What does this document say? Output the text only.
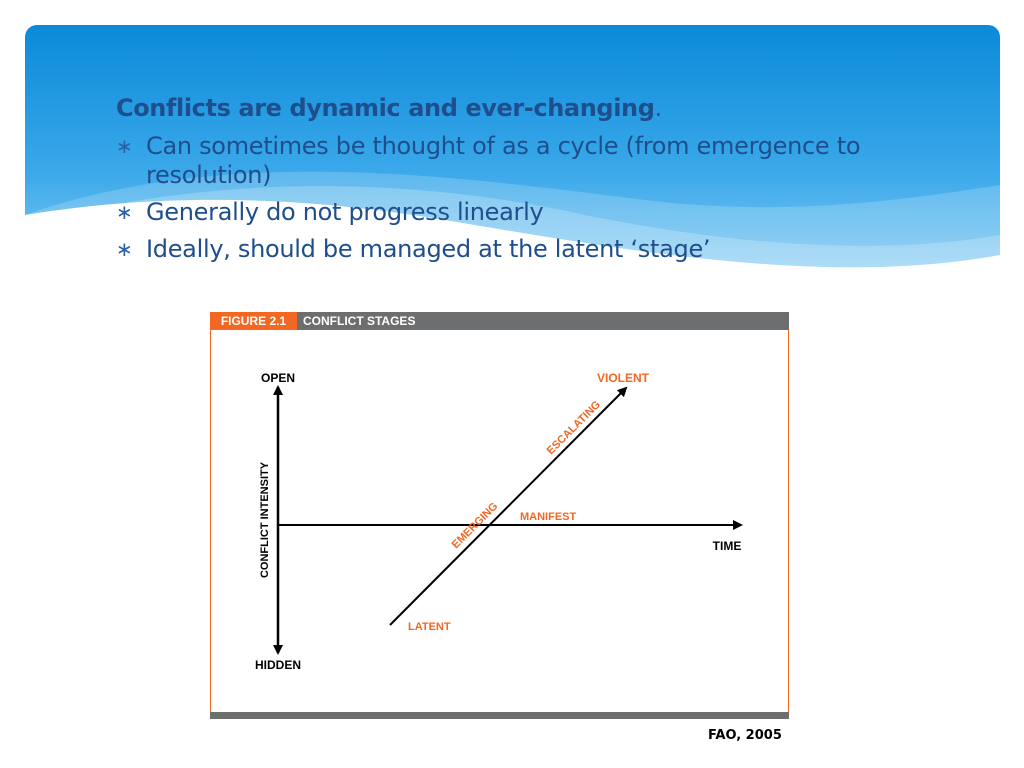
Conflicts are dynamic and ever-changing.
∗ Can sometimes be thought of as a cycle (from emergence to resolution)
∗ Generally do not progress linearly
∗ Ideally, should be managed at the latent ‘stage’
FIGURE 2.1	CONFLICT STAGES
OPEN
HIDDEN
CONFLICT INTENSITY	TIME
VIOLENT
ESCALATING
MANIFEST
EMERGING
LATENT
FAO, 2005
